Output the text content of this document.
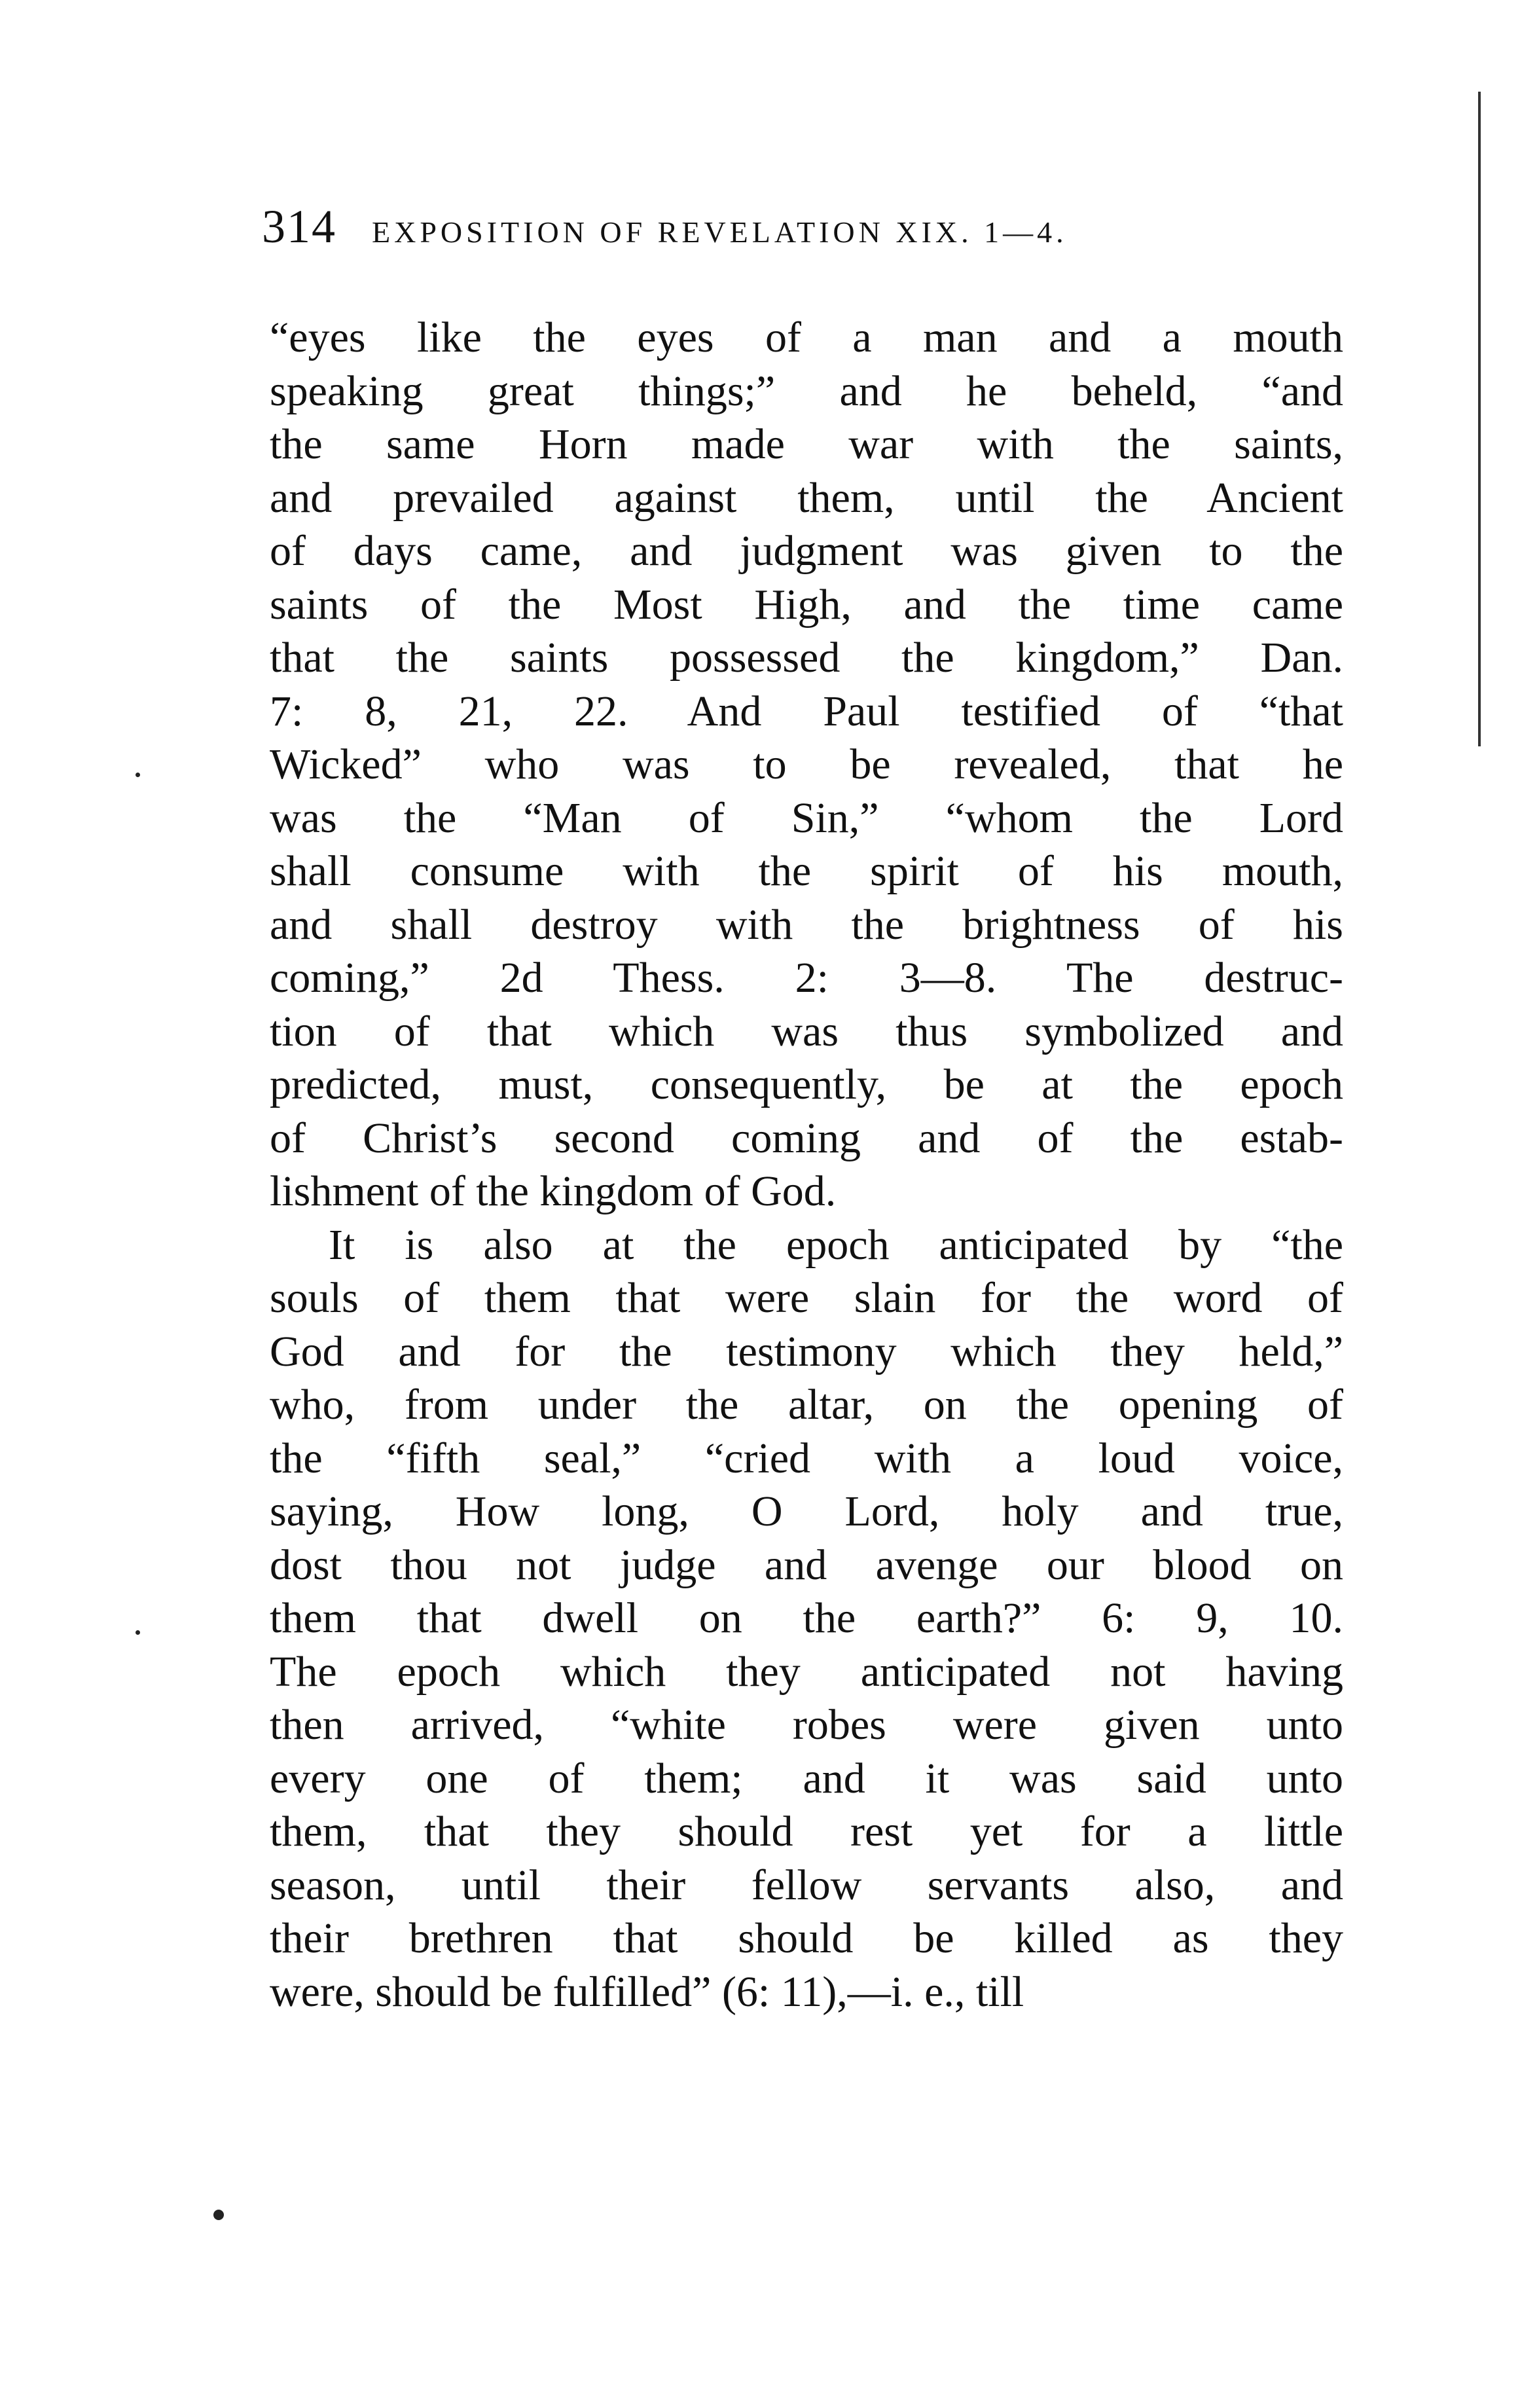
314 EXPOSITION OF REVELATION XIX. 1—4.
“eyes like the eyes of a man and a mouth
speaking great things;” and he beheld, “and
the same Horn made war with the saints,
and prevailed against them, until the Ancient
of days came, and judgment was given to the
saints of the Most High, and the time came
that the saints possessed the kingdom,” Dan.
7: 8, 21, 22. And Paul testified of “that
Wicked” who was to be revealed, that he
was the “Man of Sin,” “whom the Lord
shall consume with the spirit of his mouth,
and shall destroy with the brightness of his
coming,” 2d Thess. 2: 3—8. The destruc-
tion of that which was thus symbolized and
predicted, must, consequently, be at the epoch
of Christ’s second coming and of the estab-
lishment of the kingdom of God.
It is also at the epoch anticipated by “the
souls of them that were slain for the word of
God and for the testimony which they held,”
who, from under the altar, on the opening of
the “fifth seal,” “cried with a loud voice,
saying, How long, O Lord, holy and true,
dost thou not judge and avenge our blood on
them that dwell on the earth?” 6: 9, 10.
The epoch which they anticipated not having
then arrived, “white robes were given unto
every one of them; and it was said unto
them, that they should rest yet for a little
season, until their fellow servants also, and
their brethren that should be killed as they
were, should be fulfilled” (6: 11),—i. e., till
